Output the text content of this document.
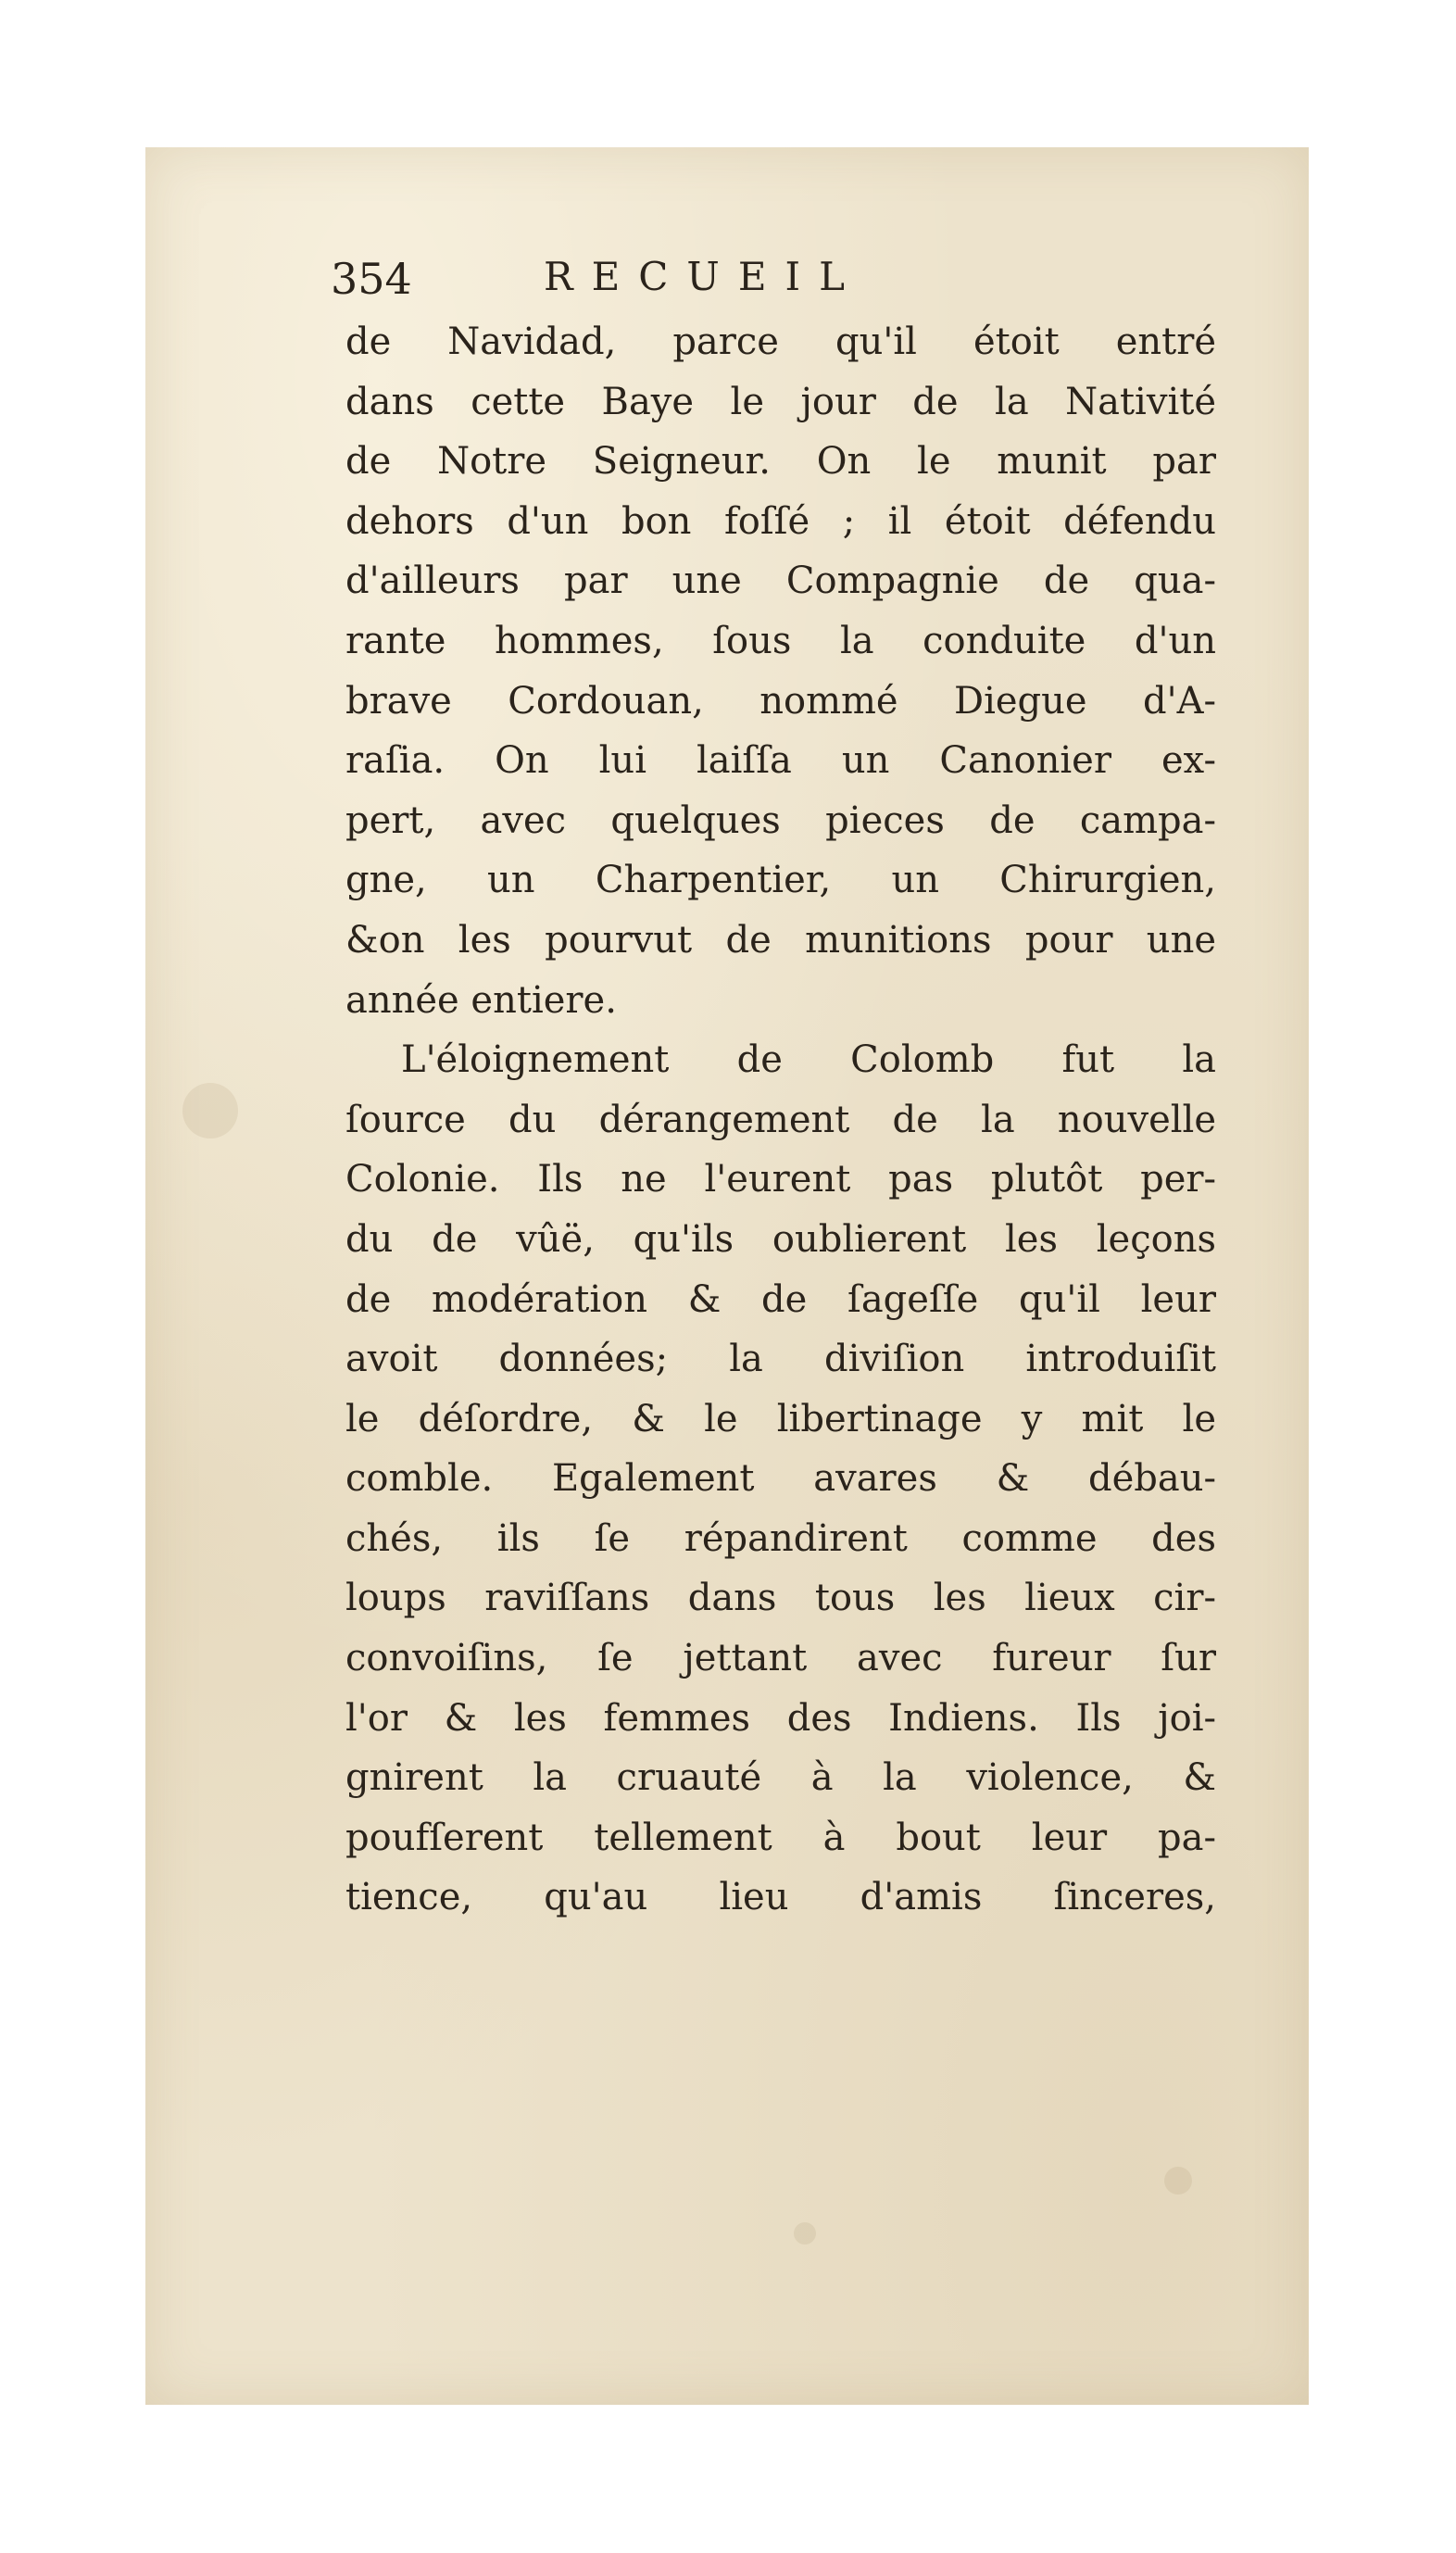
354	RECUEIL
de Navidad, parce qu'il étoit entré
dans cette Baye le jour de la Nativité
de Notre Seigneur. On le munit par
dehors d'un bon foſſé ; il étoit défendu
d'ailleurs par une Compagnie de qua-
rante hommes, ſous la conduite d'un
brave Cordouan, nommé Diegue d'A-
raſia. On lui laiſſa un Canonier ex-
pert, avec quelques pieces de campa-
gne, un Charpentier, un Chirurgien,
&on les pourvut de munitions pour une
année entiere.
L'éloignement de Colomb fut la
ſource du dérangement de la nouvelle
Colonie. Ils ne l'eurent pas plutôt per-
du de vûë, qu'ils oublierent les leçons
de modération & de ſageſſe qu'il leur
avoit données; la diviſion introduiſit
le déſordre, & le libertinage y mit le
comble. Egalement avares & débau-
chés, ils ſe répandirent comme des
loups raviſſans dans tous les lieux cir-
convoiſins, ſe jettant avec fureur ſur
l'or & les femmes des Indiens. Ils joi-
gnirent la cruauté à la violence, &
poufſerent tellement à bout leur pa-
tience, qu'au lieu d'amis ſinceres,
